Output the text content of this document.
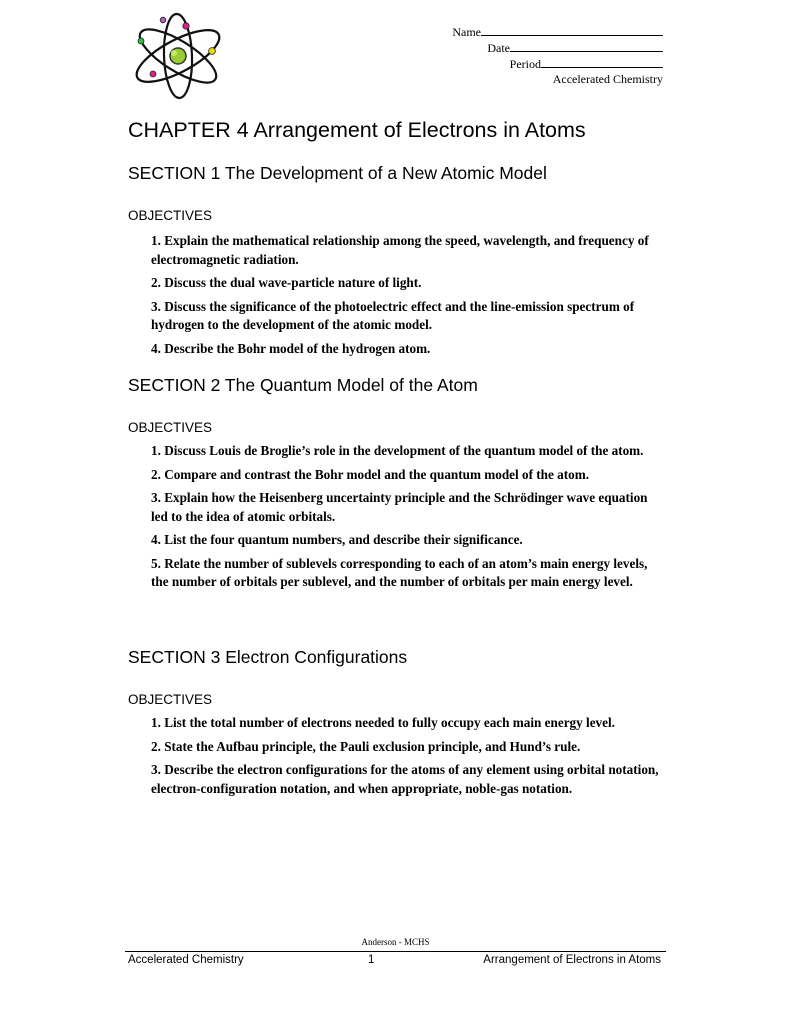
Name
Date
Period
Accelerated Chemistry
CHAPTER 4 Arrangement of Electrons in Atoms
SECTION 1 The Development of a New Atomic Model
OBJECTIVES
1. Explain the mathematical relationship among the speed, wavelength, and frequency of electromagnetic radiation.
2. Discuss the dual wave-particle nature of light.
3. Discuss the significance of the photoelectric effect and the line-emission spectrum of hydrogen to the development of the atomic model.
4. Describe the Bohr model of the hydrogen atom.
SECTION 2 The Quantum Model of the Atom
OBJECTIVES
1. Discuss Louis de Broglie’s role in the development of the quantum model of the atom.
2. Compare and contrast the Bohr model and the quantum model of the atom.
3. Explain how the Heisenberg uncertainty principle and the Schrödinger wave equation led to the idea of atomic orbitals.
4. List the four quantum numbers, and describe their significance.
5. Relate the number of sublevels corresponding to each of an atom’s main energy levels, the number of orbitals per sublevel, and the number of orbitals per main energy level.
SECTION 3 Electron Configurations
OBJECTIVES
1. List the total number of electrons needed to fully occupy each main energy level.
2. State the Aufbau principle, the Pauli exclusion principle, and Hund’s rule.
3. Describe the electron configurations for the atoms of any element using orbital notation, electron-configuration notation, and when appropriate, noble-gas notation.
Anderson - MCHS
Accelerated Chemistry	1	Arrangement of Electrons in Atoms
